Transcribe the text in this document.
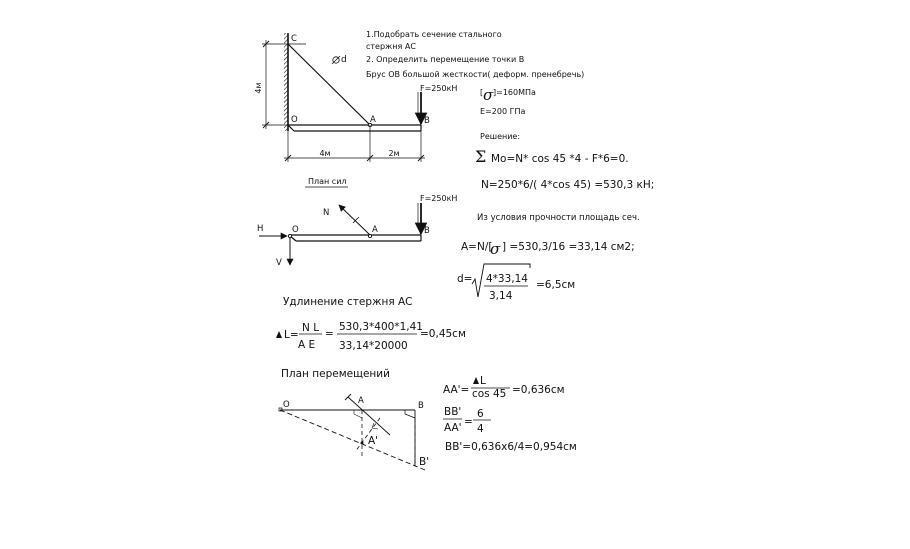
d
4м
4м	2м
C
O	A	B
F=250кН
1.Подобрать сечение стального
стержня АС
2. Определить перемещение точки В
Брус ОВ большой жесткости( деформ. пренебречь)
[ σ ]=160МПа
E=200 ГПа
Решение:
Σ Mo=N* cos 45 *4 - F*6=0.
N=250*6/( 4*cos 45) =530,3 кН;
Из условия прочности площадь сеч.
A=N/[
σ ] =530,3/16 =33,14 см2;
d= 4*33,14
3,14
=6,5см
План сил
H
V
N
F=250кН
O	A	B
Удлинение стержня АС
L=
N L
A E
=
530,3*400*1,41
33,14*20000
=0,45см
План перемещений
O	A	B
A'
B'
AA'=
L
cos 45 =0,636см
BB'
AA' =
6
4
BB'=0,636x6/4=0,954см
